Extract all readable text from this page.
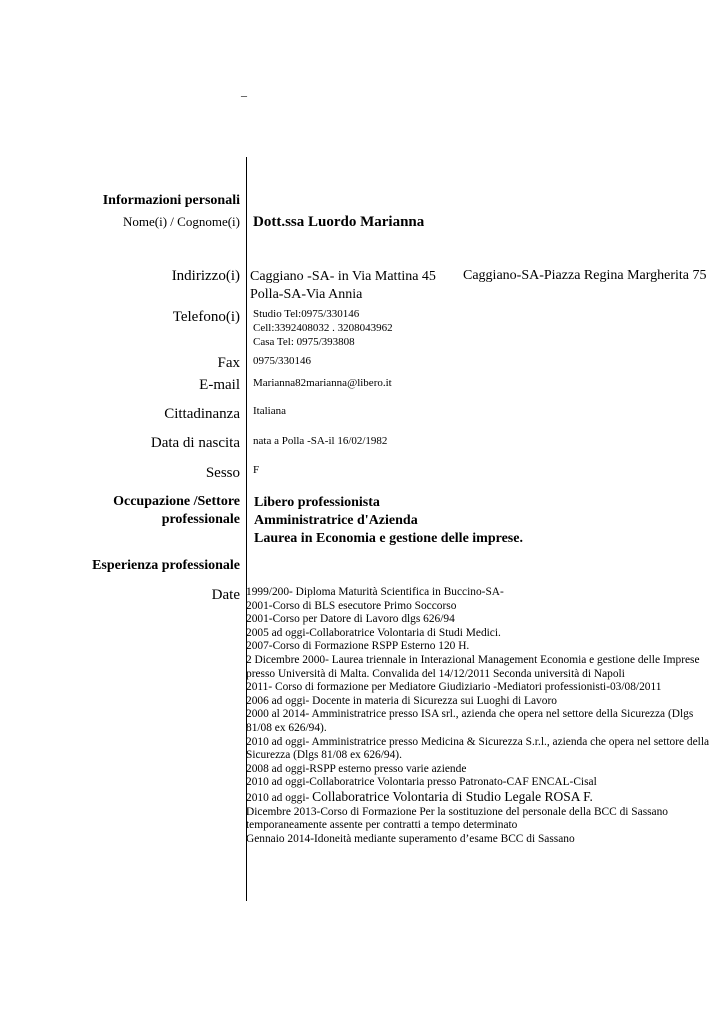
–
Informazioni personali
Nome(i) / Cognome(i) Dott.ssa Luordo Marianna
Indirizzo(i) Caggiano -SA- in Via Mattina 45 Caggiano-SA-Piazza Regina Margherita 75
Polla-SA-Via Annia
Telefono(i) Studio Tel:0975/330146
Cell:3392408032 . 3208043962
Casa Tel: 0975/393808
Fax 0975/330146
E-mail Marianna82marianna@libero.it
Cittadinanza Italiana
Data di nascita nata a Polla -SA-il 16/02/1982
Sesso F
Occupazione /Settore
professionale
Libero professionista
Amministratrice d'Azienda
Laurea in Economia e gestione delle imprese.
Esperienza professionale
Date 1999/200- Diploma Maturità Scientifica in Buccino-SA-
2001-Corso di BLS esecutore Primo Soccorso
2001-Corso per Datore di Lavoro dlgs 626/94
2005 ad oggi-Collaboratrice Volontaria di Studi Medici.
2007-Corso di Formazione RSPP Esterno 120 H.
2 Dicembre 2000- Laurea triennale in Interazional Management Economia e gestione delle Imprese presso Università di Malta. Convalida del 14/12/2011 Seconda università di Napoli
2011- Corso di formazione per Mediatore Giudiziario -Mediatori professionisti-03/08/2011
2006 ad oggi- Docente in materia di Sicurezza sui Luoghi di Lavoro
2000 al 2014- Amministratrice presso ISA srl., azienda che opera nel settore della Sicurezza (Dlgs 81/08 ex 626/94).
2010 ad oggi- Amministratrice presso Medicina & Sicurezza S.r.l., azienda che opera nel settore della Sicurezza (Dlgs 81/08 ex 626/94).
2008 ad oggi-RSPP esterno presso varie aziende
2010 ad oggi-Collaboratrice Volontaria presso Patronato-CAF ENCAL-Cisal
2010 ad oggi- Collaboratrice Volontaria di Studio Legale ROSA F.
Dicembre 2013-Corso di Formazione Per la sostituzione del personale della BCC di Sassano temporaneamente assente per contratti a tempo determinato
Gennaio 2014-Idoneità mediante superamento d’esame BCC di Sassano
